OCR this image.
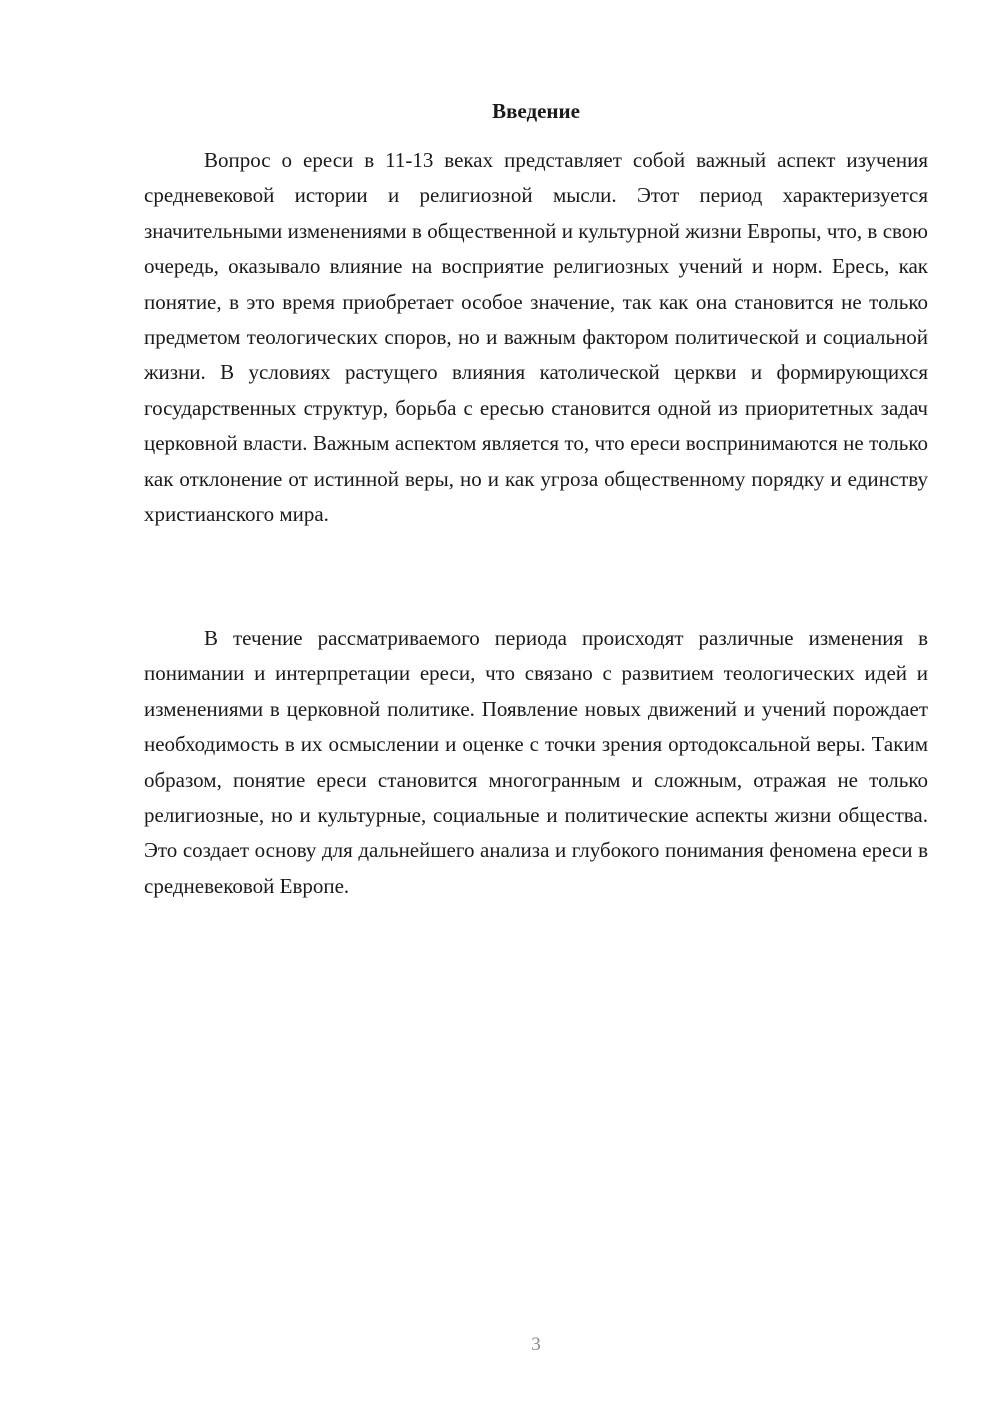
Введение

Вопрос о ереси в 11-13 веках представляет собой важный аспект изучения средневековой истории и религиозной мысли. Этот период характеризуется значительными изменениями в общественной и культурной жизни Европы, что, в свою очередь, оказывало влияние на восприятие религиозных учений и норм. Ересь, как понятие, в это время приобретает особое значение, так как она становится не только предметом теологических споров, но и важным фактором политической и социальной жизни. В условиях растущего влияния католической церкви и формирующихся государственных структур, борьба с ересью становится одной из приоритетных задач церковной власти. Важным аспектом является то, что ереси воспринимаются не только как отклонение от истинной веры, но и как угроза общественному порядку и единству христианского мира.

В течение рассматриваемого периода происходят различные изменения в понимании и интерпретации ереси, что связано с развитием теологических идей и изменениями в церковной политике. Появление новых движений и учений порождает необходимость в их осмыслении и оценке с точки зрения ортодоксальной веры. Таким образом, понятие ереси становится многогранным и сложным, отражая не только религиозные, но и культурные, социальные и политические аспекты жизни общества. Это создает основу для дальнейшего анализа и глубокого понимания феномена ереси в средневековой Европе.

3
